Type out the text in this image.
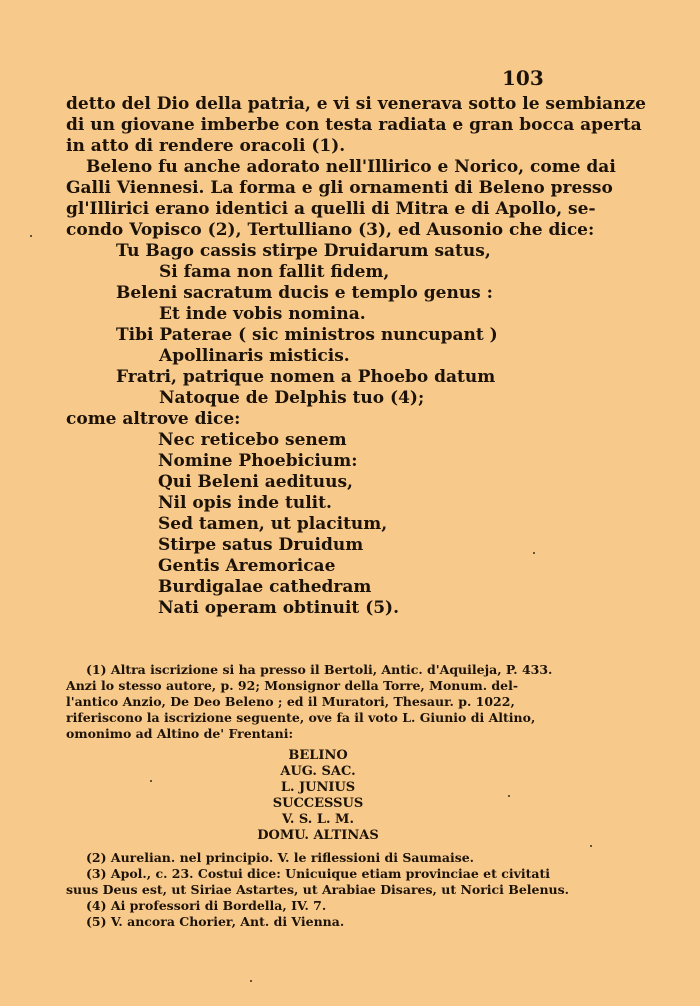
103
detto del Dio della patria, e vi si venerava sotto le sembianze
di un giovane imberbe con testa radiata e gran bocca aperta
in atto di rendere oracoli (1).
Beleno fu anche adorato nell'Illirico e Norico, come dai
Galli Viennesi. La forma e gli ornamenti di Beleno presso
gl'Illirici erano identici a quelli di Mitra e di Apollo, se-
condo Vopisco (2), Tertulliano (3), ed Ausonio che dice:
Tu Bago cassis stirpe Druidarum satus,
Si fama non fallit fidem,
Beleni sacratum ducis e templo genus :
Et inde vobis nomina.
Tibi Paterae ( sic ministros nuncupant )
Apollinaris misticis.
Fratri, patrique nomen a Phoebo datum
Natoque de Delphis tuo (4);
come altrove dice:
Nec reticebo senem
Nomine Phoebicium:
Qui Beleni aedituus,
Nil opis inde tulit.
Sed tamen, ut placitum,
Stirpe satus Druidum
Gentis Aremoricae
Burdigalae cathedram
Nati operam obtinuit (5).
(1) Altra iscrizione si ha presso il Bertoli, Antic. d'Aquileja, P. 433.
Anzi lo stesso autore, p. 92; Monsignor della Torre, Monum. del-
l'antico Anzio, De Deo Beleno ; ed il Muratori, Thesaur. p. 1022,
riferiscono la iscrizione seguente, ove fa il voto L. Giunio di Altino,
omonimo ad Altino de' Frentani:
BELINO
AUG. SAC.
L. JUNIUS
SUCCESSUS
V. S. L. M.
DOMU. ALTINAS
(2) Aurelian. nel principio. V. le riflessioni di Saumaise.
(3) Apol., c. 23. Costui dice: Unicuique etiam provinciae et civitati
suus Deus est, ut Siriae Astartes, ut Arabiae Disares, ut Norici Belenus.
(4) Ai professori di Bordella, IV. 7.
(5) V. ancora Chorier, Ant. di Vienna.
